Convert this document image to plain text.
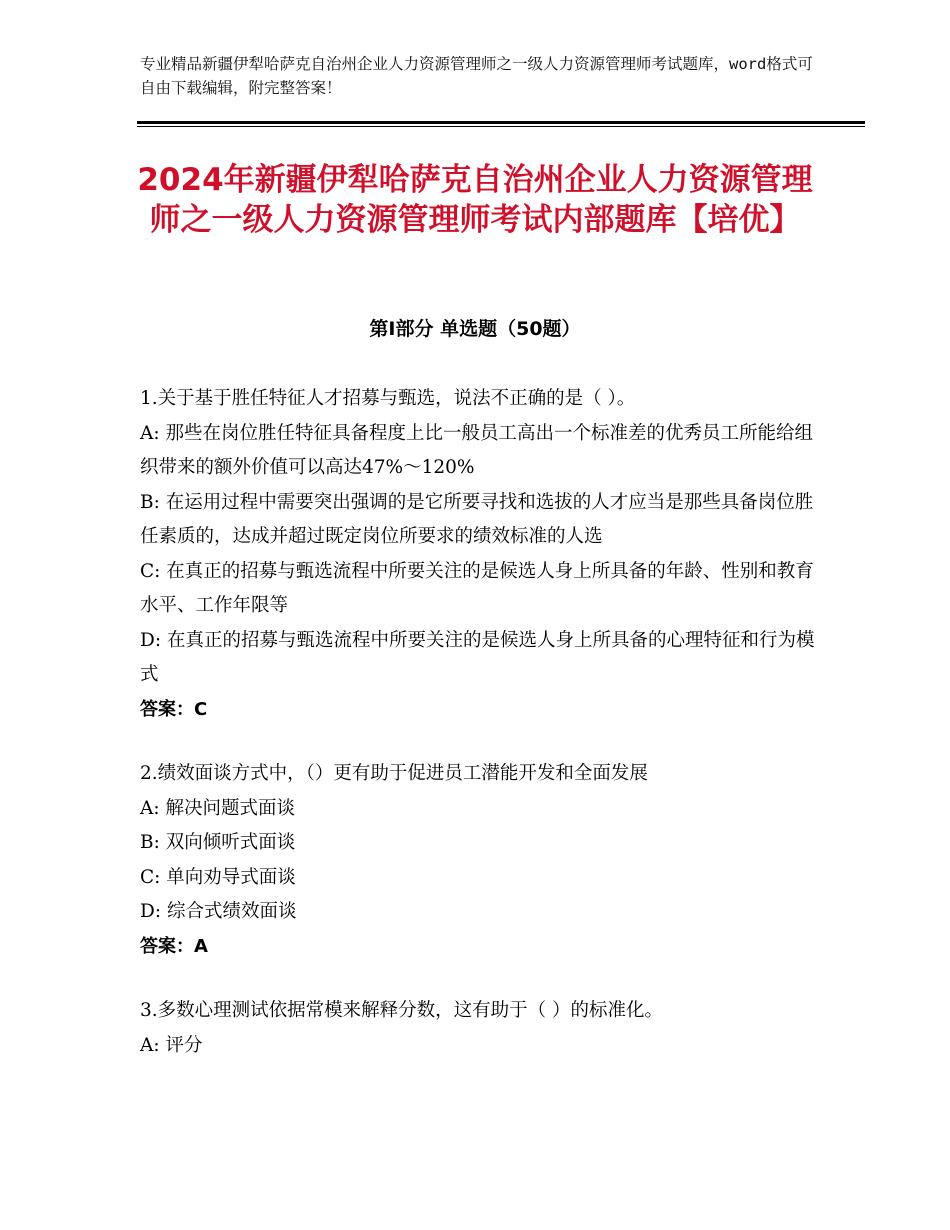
专业精品新疆伊犁哈萨克自治州企业人力资源管理师之一级人力资源管理师考试题库，word格式可自由下载编辑，附完整答案！
2024年新疆伊犁哈萨克自治州企业人力资源管理师之一级人力资源管理师考试内部题库【培优】
第Ⅰ部分 单选题（50题）

1.关于基于胜任特征人才招募与甄选，说法不正确的是（ ）。

A: 那些在岗位胜任特征具备程度上比一般员工高出一个标准差的优秀员工所能给组织带来的额外价值可以高达47%～120%

B: 在运用过程中需要突出强调的是它所要寻找和选拔的人才应当是那些具备岗位胜任素质的，达成并超过既定岗位所要求的绩效标准的人选

C: 在真正的招募与甄选流程中所要关注的是候选人身上所具备的年龄、性别和教育水平、工作年限等

D: 在真正的招募与甄选流程中所要关注的是候选人身上所具备的心理特征和行为模式

答案：C

2.绩效面谈方式中，（）更有助于促进员工潜能开发和全面发展

A: 解决问题式面谈

B: 双向倾听式面谈

C: 单向劝导式面谈

D: 综合式绩效面谈

答案：A

3.多数心理测试依据常模来解释分数，这有助于（ ）的标准化。

A: 评分
